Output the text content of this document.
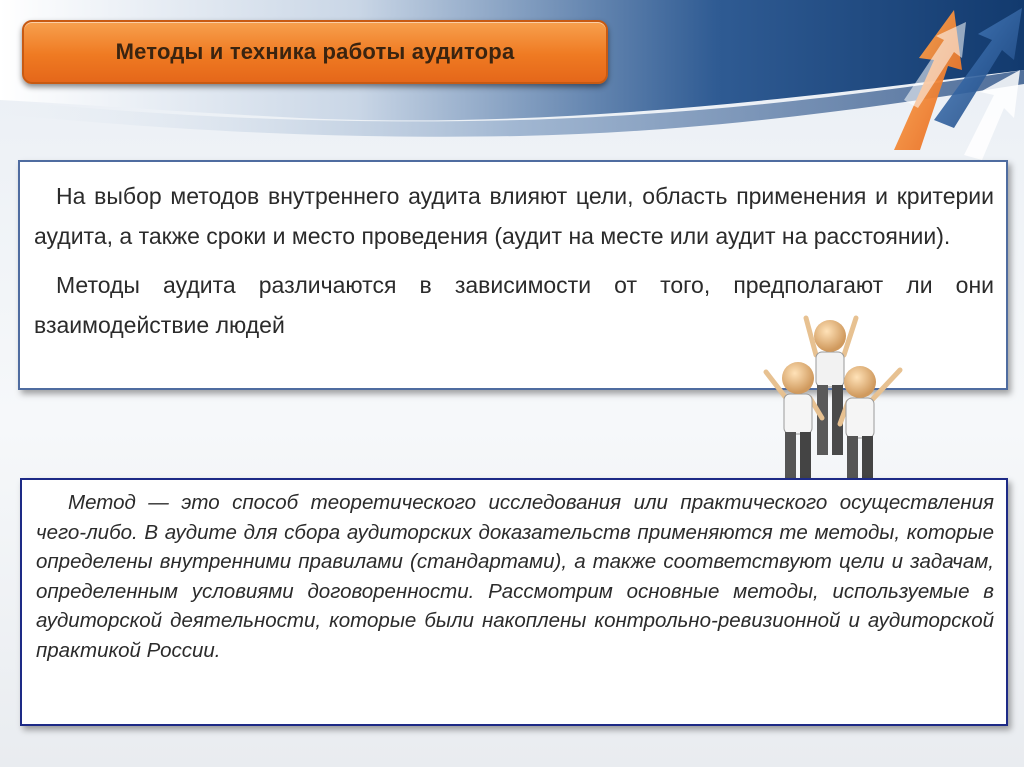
Методы и техника работы аудитора

На выбор методов внутреннего аудита влияют цели, область применения и критерии аудита, а также сроки и место проведения (аудит на месте или аудит на расстоянии).

Методы аудита различаются в зависимости от того, предполагают ли они взаимодействие людей

Метод — это способ теоретического исследования или практического осуществления чего-либо. В аудите для сбора аудиторских доказательств применяются те методы, которые определены внутренними правилами (стандартами), а также соответствуют цели и задачам, определенным условиями договоренности. Рассмотрим основные методы, используемые в аудиторской деятельности, которые были накоплены контрольно-ревизионной и аудиторской практикой России.
